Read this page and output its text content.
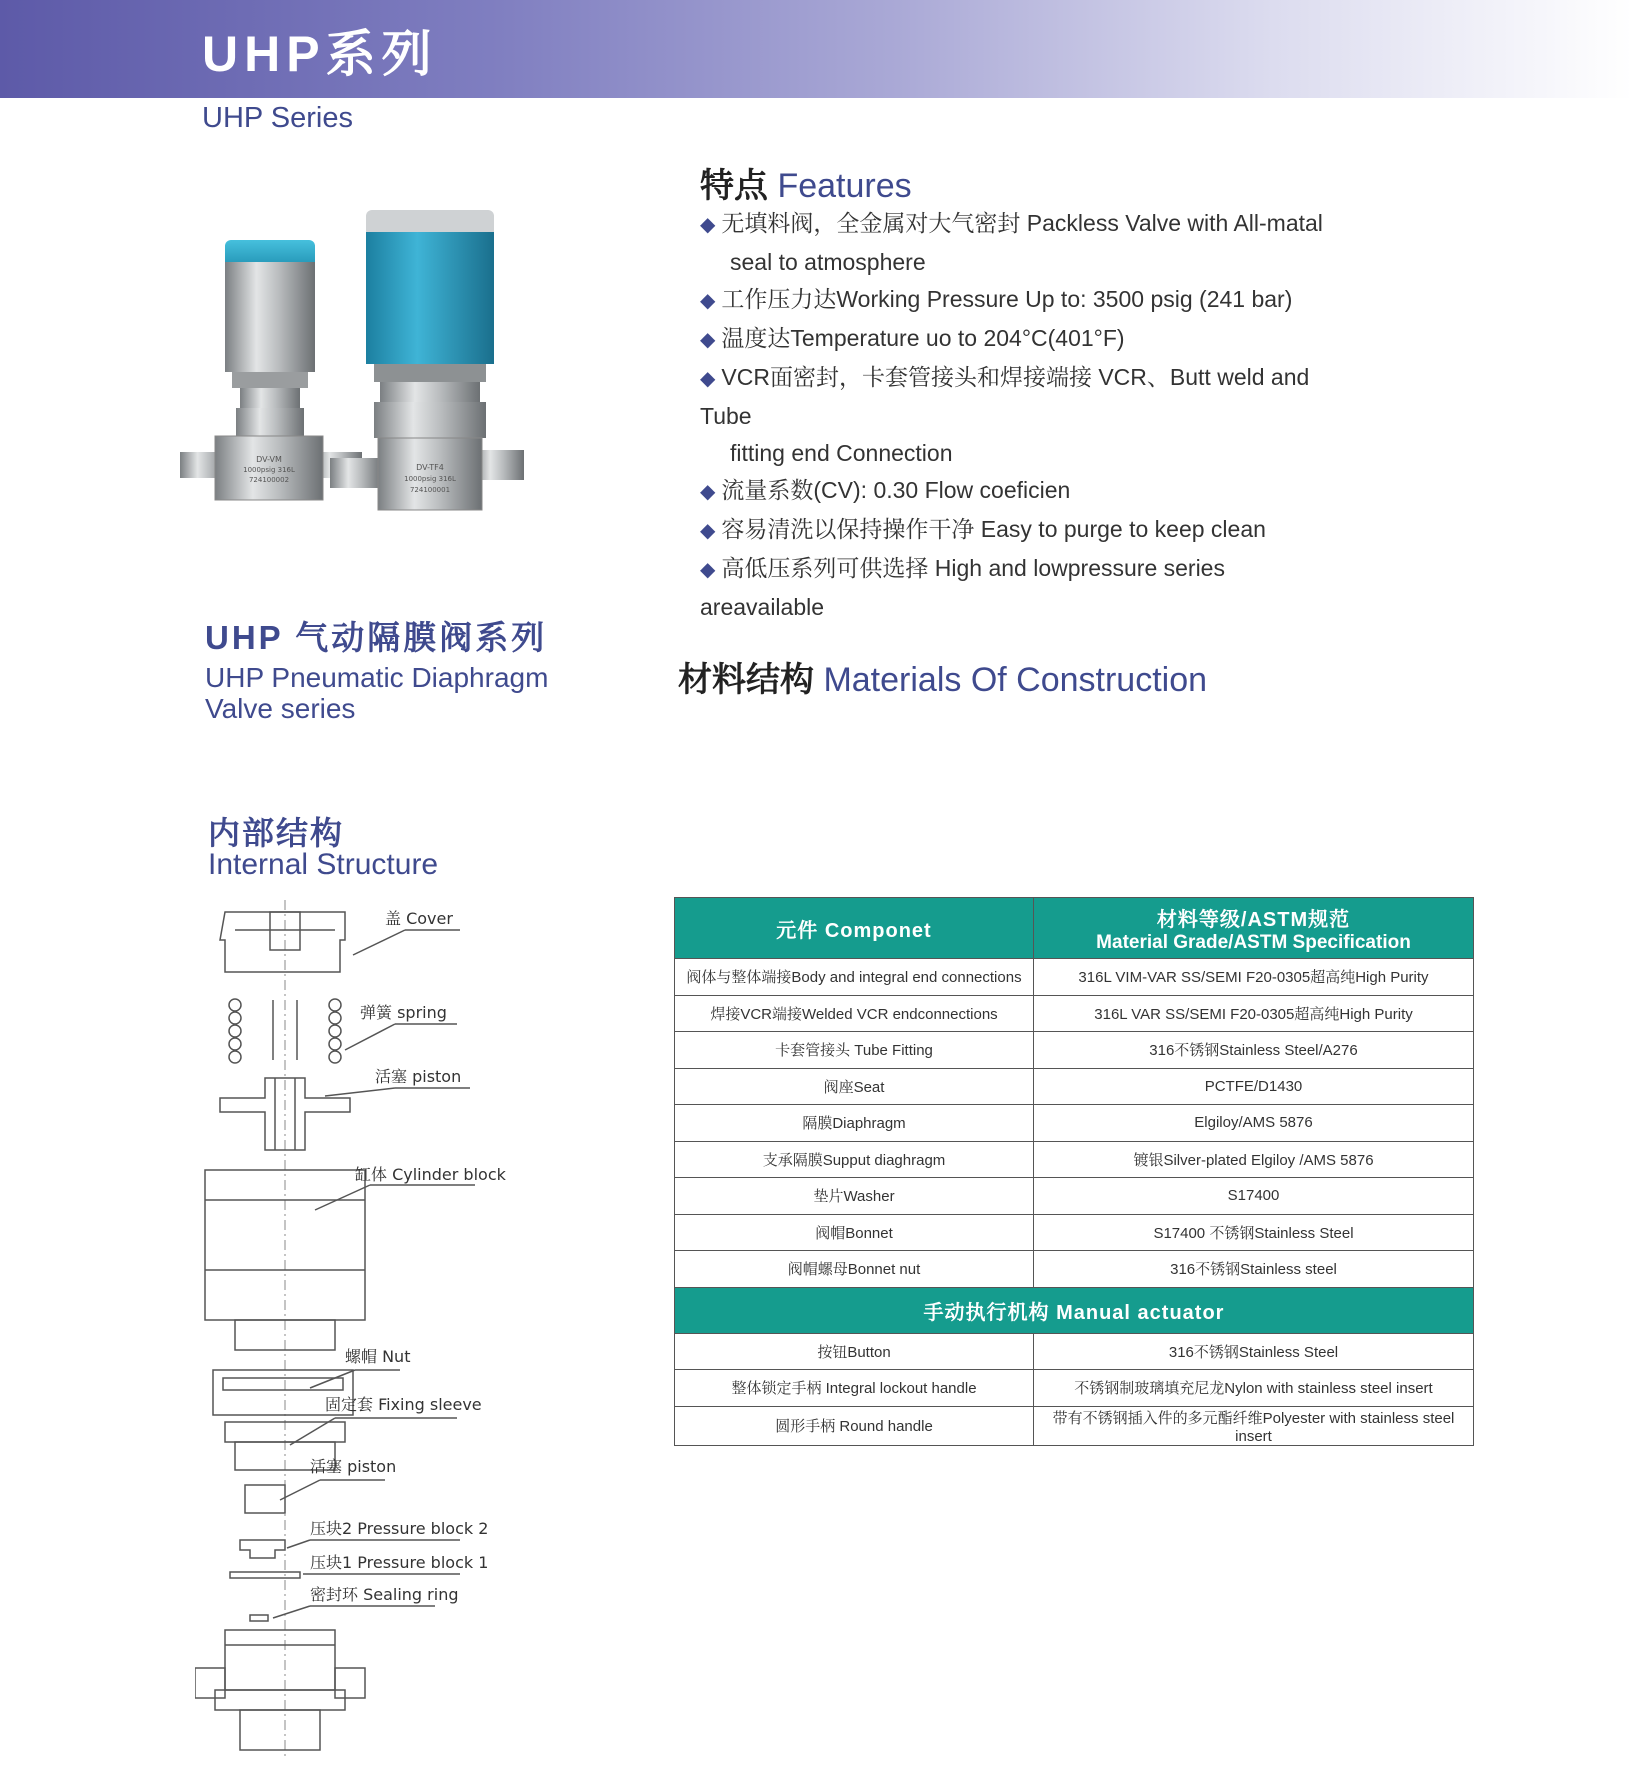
UHP系列
UHP Series
DV-VM
1000psig 316L
724100002
DV-TF4
1000psig 316L
724100001
特点 Features
◆ 无填料阀，全金属对大气密封 Packless Valve with All-matal
seal to atmosphere
◆ 工作压力达Working Pressure Up to: 3500 psig (241 bar)
◆ 温度达Temperature uo to 204°C(401°F)
◆ VCR面密封，卡套管接头和焊接端接 VCR、Butt weld and Tube
fitting end Connection
◆ 流量系数(CV): 0.30 Flow coeficien
◆ 容易清洗以保持操作干净 Easy to purge to keep clean
◆ 高低压系列可供选择 High and lowpressure series areavailable
UHP 气动隔膜阀系列
UHP Pneumatic Diaphragm
Valve series
材料结构 Materials Of Construction
内部结构
Internal Structure
盖 Cover
弹簧 spring
活塞 piston
缸体 Cylinder block
螺帽 Nut
固定套 Fixing sleeve
活塞 piston
压块2 Pressure block 2
压块1 Pressure block 1
密封环 Sealing ring
元件 Componet	材料等级/ASTM规范
Material Grade/ASTM Specification

阀体与整体端接Body and integral end connections	316L VIM-VAR SS/SEMI F20-0305超高纯High Purity
焊接VCR端接Welded VCR endconnections	316L VAR SS/SEMI F20-0305超高纯High Purity
卡套管接头 Tube Fitting	316不锈钢Stainless Steel/A276
阀座Seat	PCTFE/D1430
隔膜Diaphragm	Elgiloy/AMS 5876
支承隔膜Supput diaghragm	镀银Silver-plated Elgiloy /AMS 5876
垫片Washer	S17400
阀帽Bonnet	S17400 不锈钢Stainless Steel
阀帽螺母Bonnet nut	316不锈钢Stainless steel
手动执行机构 Manual actuator	
按钮Button	316不锈钢Stainless Steel
整体锁定手柄 Integral lockout handle	不锈钢制玻璃填充尼龙Nylon with stainless steel insert
圆形手柄 Round handle	带有不锈钢插入件的多元酯纤维Polyester with stainless steel insert
